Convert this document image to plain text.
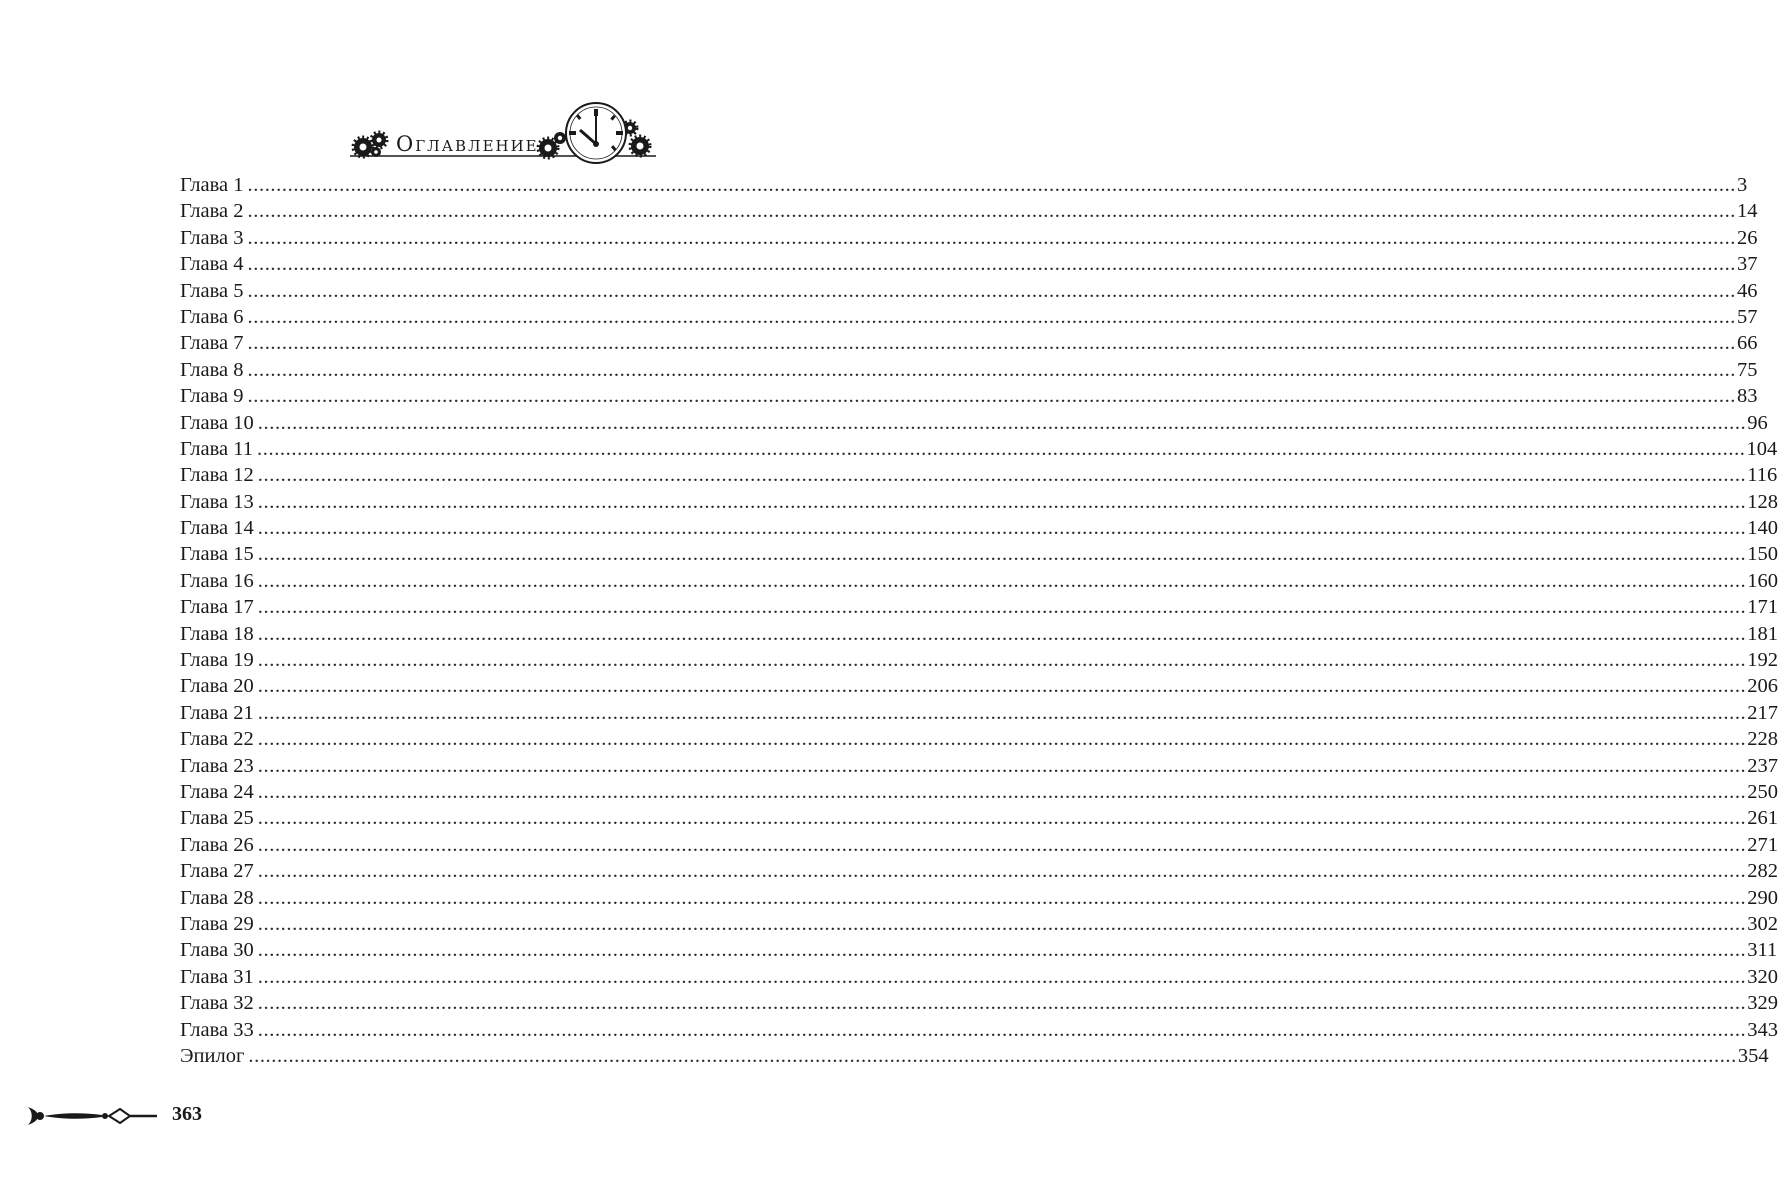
Оглавление
Глава 1 .................................................................................................................................................................................................................................................................... 3
Глава 2 .................................................................................................................................................................................................................................................................... 14
Глава 3 .................................................................................................................................................................................................................................................................... 26
Глава 4 .................................................................................................................................................................................................................................................................... 37
Глава 5 .................................................................................................................................................................................................................................................................... 46
Глава 6 .................................................................................................................................................................................................................................................................... 57
Глава 7 .................................................................................................................................................................................................................................................................... 66
Глава 8 .................................................................................................................................................................................................................................................................... 75
Глава 9 .................................................................................................................................................................................................................................................................... 83
Глава 10 .................................................................................................................................................................................................................................................................... 96
Глава 11 .................................................................................................................................................................................................................................................................... 104
Глава 12 .................................................................................................................................................................................................................................................................... 116
Глава 13 .................................................................................................................................................................................................................................................................... 128
Глава 14 .................................................................................................................................................................................................................................................................... 140
Глава 15 .................................................................................................................................................................................................................................................................... 150
Глава 16 .................................................................................................................................................................................................................................................................... 160
Глава 17 .................................................................................................................................................................................................................................................................... 171
Глава 18 .................................................................................................................................................................................................................................................................... 181
Глава 19 .................................................................................................................................................................................................................................................................... 192
Глава 20 .................................................................................................................................................................................................................................................................... 206
Глава 21 .................................................................................................................................................................................................................................................................... 217
Глава 22 .................................................................................................................................................................................................................................................................... 228
Глава 23 .................................................................................................................................................................................................................................................................... 237
Глава 24 .................................................................................................................................................................................................................................................................... 250
Глава 25 .................................................................................................................................................................................................................................................................... 261
Глава 26 .................................................................................................................................................................................................................................................................... 271
Глава 27 .................................................................................................................................................................................................................................................................... 282
Глава 28 .................................................................................................................................................................................................................................................................... 290
Глава 29 .................................................................................................................................................................................................................................................................... 302
Глава 30 .................................................................................................................................................................................................................................................................... 311
Глава 31 .................................................................................................................................................................................................................................................................... 320
Глава 32 .................................................................................................................................................................................................................................................................... 329
Глава 33 .................................................................................................................................................................................................................................................................... 343
Эпилог .................................................................................................................................................................................................................................................................... 354
363
